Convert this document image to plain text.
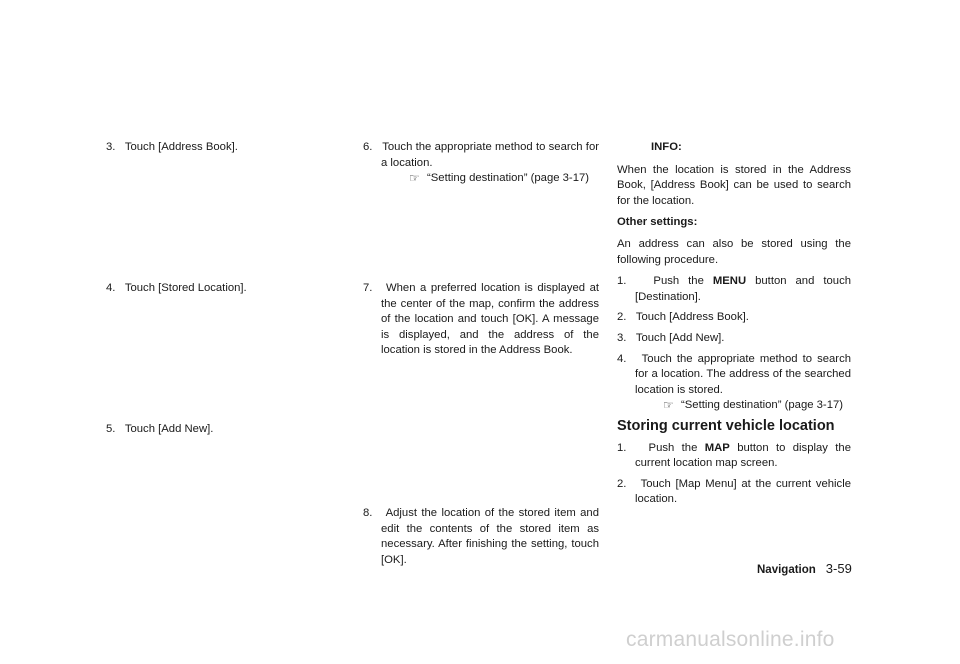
3. Touch [Address Book].

4. Touch [Stored Location].

5. Touch [Add New].

6. Touch the appropriate method to search for a location.
☞ “Setting destination” (page 3-17)

7. When a preferred location is displayed at the center of the map, confirm the address of the location and touch [OK]. A message is displayed, and the address of the location is stored in the Address Book.

8. Adjust the location of the stored item and edit the contents of the stored item as necessary. After finishing the setting, touch [OK].

INFO:

When the location is stored in the Address Book, [Address Book] can be used to search for the location.

Other settings:

An address can also be stored using the following procedure.

1. Push the MENU button and touch [Destination].

2. Touch [Address Book].

3. Touch [Add New].

4. Touch the appropriate method to search for a location. The address of the searched location is stored.
☞ “Setting destination” (page 3-17)

Storing current vehicle location

1. Push the MAP button to display the current location map screen.

2. Touch [Map Menu] at the current vehicle location.

Navigation 3-59
carmanualsonline.info
